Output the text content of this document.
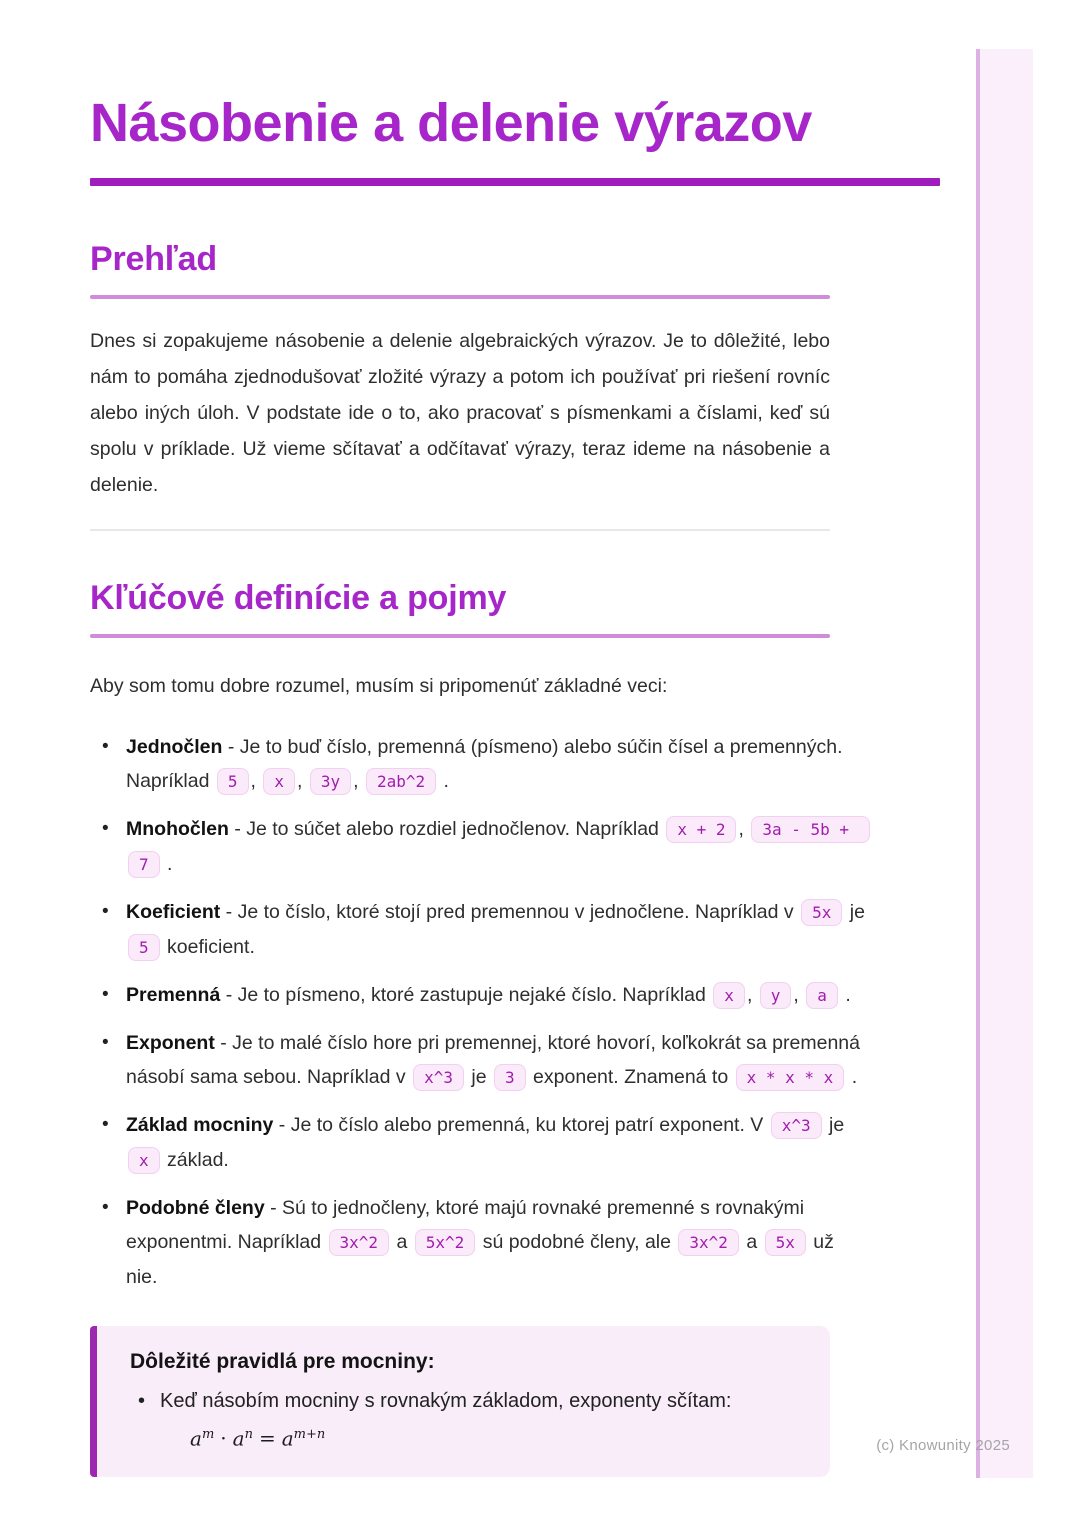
(c) Knowunity 2025
Násobenie a delenie výrazov
Prehľad

Dnes si zopakujeme násobenie a delenie algebraických výrazov. Je to dôležité, lebo nám to pomáha zjednodušovať zložité výrazy a potom ich používať pri riešení rovníc alebo iných úloh. V podstate ide o to, ako pracovať s písmenkami a číslami, keď sú spolu v príklade. Už vieme sčítavať a odčítavať výrazy, teraz ideme na násobenie a delenie.

Kľúčové definície a pojmy

Aby som tomu dobre rozumel, musím si pripomenúť základné veci:

• Jednočlen - Je to buď číslo, premenná (písmeno) alebo súčin čísel a premenných. Napríklad 5 , x , 3y , 2ab^2 .
• Mnohočlen - Je to súčet alebo rozdiel jednočlenov. Napríklad x + 2 , 3a - 5b + 7 .
• Koeficient - Je to číslo, ktoré stojí pred premennou v jednočlene. Napríklad v 5x je 5 koeficient.
• Premenná - Je to písmeno, ktoré zastupuje nejaké číslo. Napríklad x , y , a .
• Exponent - Je to malé číslo hore pri premennej, ktoré hovorí, koľkokrát sa premenná násobí sama sebou. Napríklad v x^3 je 3 exponent. Znamená to x * x * x .
• Základ mocniny - Je to číslo alebo premenná, ku ktorej patrí exponent. V x^3 je x základ.
• Podobné členy - Sú to jednočleny, ktoré majú rovnaké premenné s rovnakými exponentmi. Napríklad 3x^2 a 5x^2 sú podobné členy, ale 3x^2 a 5x už nie.
Dôležité pravidlá pre mocniny:
• Keď násobím mocniny s rovnakým základom, exponenty sčítam:
$a^m \cdot a^n = a^{m+n}$
